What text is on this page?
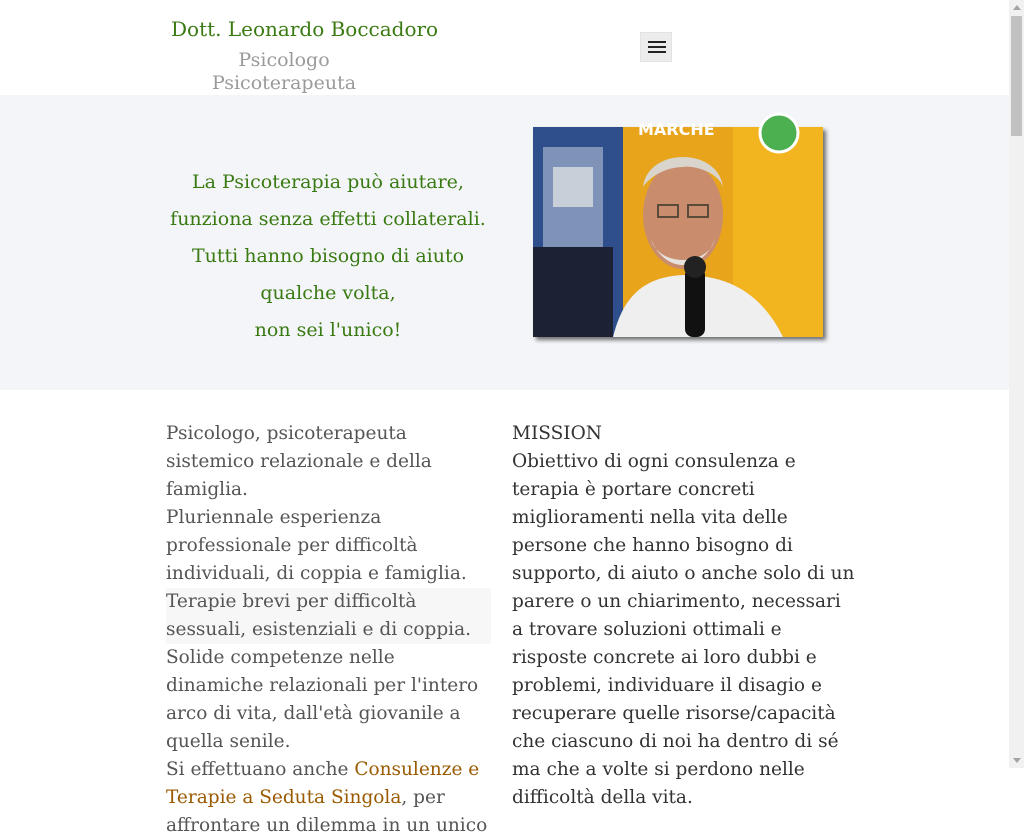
Dott. Leonardo Boccadoro
Psicologo Psicoterapeuta
La Psicoterapia può aiutare,
funziona senza effetti collaterali.
Tutti hanno bisogno di aiuto qualche volta,
non sei l'unico!
MARCHE

Psicologo, psicoterapeuta sistemico relazionale e della famiglia.

Pluriennale esperienza professionale per difficoltà individuali, di coppia e famiglia.

Terapie brevi per difficoltà sessuali, esistenziali e di coppia.

Solide competenze nelle dinamiche relazionali per l'intero arco di vita, dall'età giovanile a quella senile.

Si effettuano anche Consulenze e Terapie a Seduta Singola, per affrontare un dilemma in un unico

MISSION

Obiettivo di ogni consulenza e terapia è portare concreti miglioramenti nella vita delle persone che hanno bisogno di supporto, di aiuto o anche solo di un parere o un chiarimento, necessari a trovare soluzioni ottimali e risposte concrete ai loro dubbi e problemi, individuare il disagio e recuperare quelle risorse/capacità che ciascuno di noi ha dentro di sé ma che a volte si perdono nelle difficoltà della vita.
